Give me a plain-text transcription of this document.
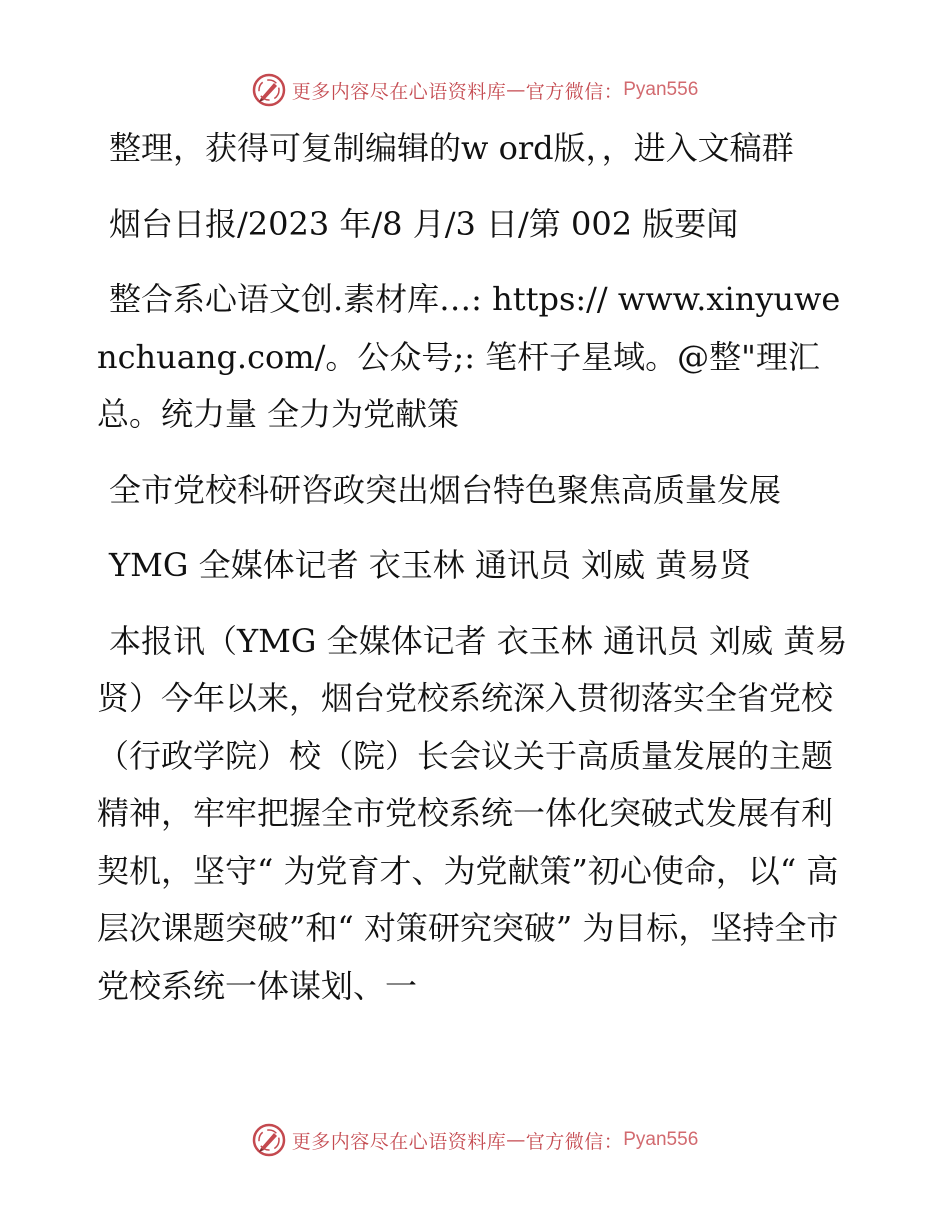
更多内容尽在心语资料库 — 官方微信： Pyan556

整理，获得可复制编辑的w ord版，，进入文稿群

烟台日报/2023 年/8 月/3 日/第 002 版要闻

整合系心语文创.素材库…: https:// www.xinyuwenchuang.com/。公众号;: 笔杆子星域。@整"理汇总。统力量 全力为党献策

全市党校科研咨政突出烟台特色聚焦高质量发展

YMG 全媒体记者 衣玉林 通讯员 刘威 黄易贤

本报讯（YMG 全媒体记者 衣玉林 通讯员 刘威 黄易贤）今年以来，烟台党校系统深入贯彻落实全省党校（行政学院）校（院）长会议关于高质量发展的主题精神，牢牢把握全市党校系统一体化突破式发展有利契机，坚守“ 为党育才、为党献策”初心使命，以“ 高层次课题突破”和“ 对策研究突破” 为目标，坚持全市党校系统一体谋划、一

更多内容尽在心语资料库 — 官方微信： Pyan556
